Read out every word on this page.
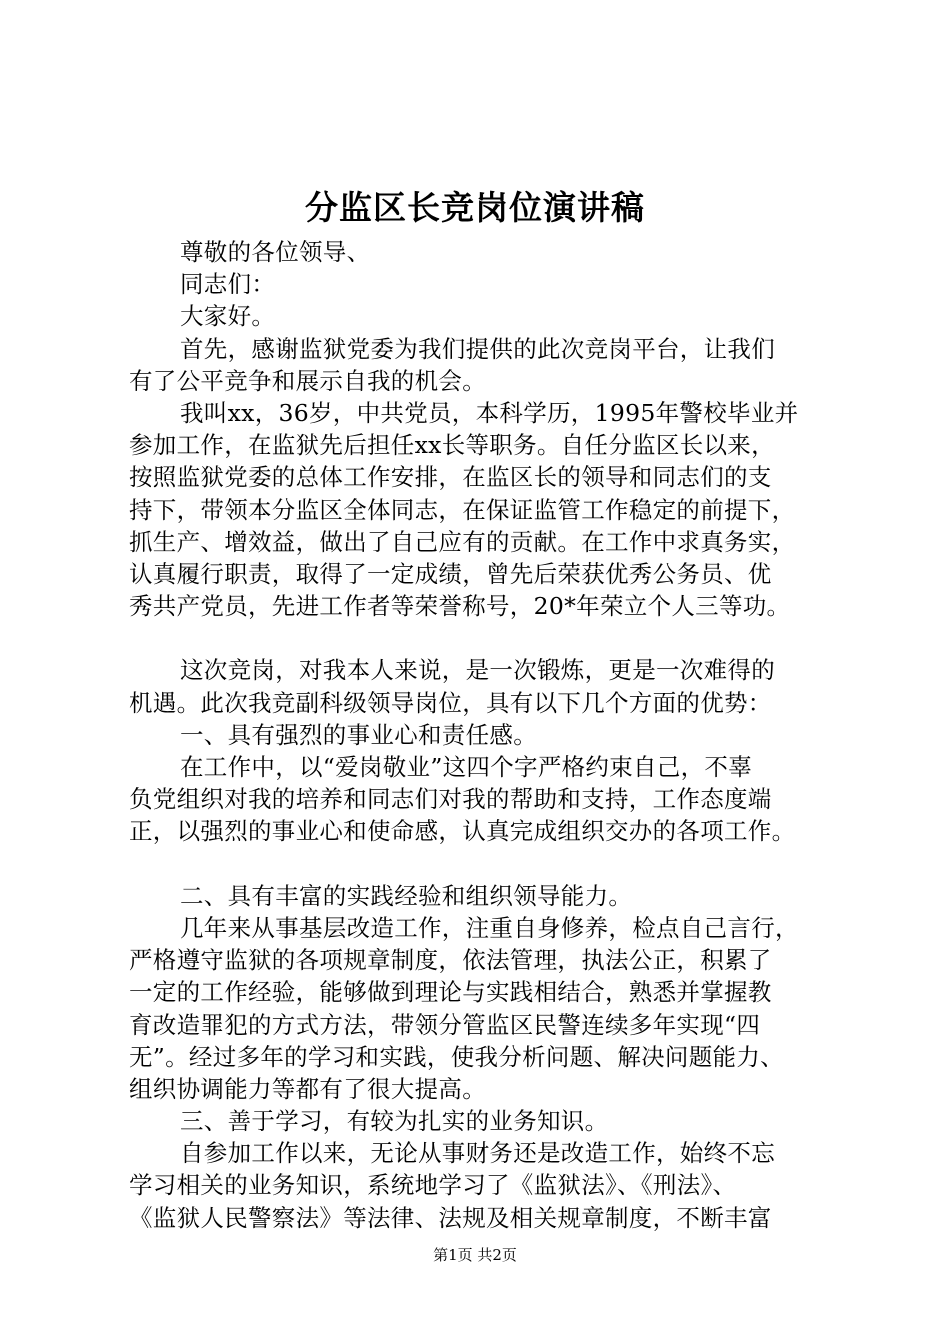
分监区长竞岗位演讲稿
尊敬的各位领导、
同志们：
大家好。
首先，感谢监狱党委为我们提供的此次竞岗平台，让我们
有了公平竞争和展示自我的机会。
我叫xx，36岁，中共党员，本科学历，1995年警校毕业并
参加工作，在监狱先后担任xx长等职务。自任分监区长以来，
按照监狱党委的总体工作安排，在监区长的领导和同志们的支
持下，带领本分监区全体同志，在保证监管工作稳定的前提下，
抓生产、增效益，做出了自己应有的贡献。在工作中求真务实，
认真履行职责，取得了一定成绩，曾先后荣获优秀公务员、优
秀共产党员，先进工作者等荣誉称号，20*年荣立个人三等功。
这次竞岗，对我本人来说，是一次锻炼，更是一次难得的
机遇。此次我竞副科级领导岗位，具有以下几个方面的优势：
一、具有强烈的事业心和责任感。
在工作中，以“爱岗敬业”这四个字严格约束自己，不辜
负党组织对我的培养和同志们对我的帮助和支持，工作态度端
正，以强烈的事业心和使命感，认真完成组织交办的各项工作。
二、具有丰富的实践经验和组织领导能力。
几年来从事基层改造工作，注重自身修养，检点自己言行，
严格遵守监狱的各项规章制度，依法管理，执法公正，积累了
一定的工作经验，能够做到理论与实践相结合，熟悉并掌握教
育改造罪犯的方式方法，带领分管监区民警连续多年实现“四
无”。经过多年的学习和实践，使我分析问题、解决问题能力、
组织协调能力等都有了很大提高。
三、善于学习，有较为扎实的业务知识。
自参加工作以来，无论从事财务还是改造工作，始终不忘
学习相关的业务知识，系统地学习了《监狱法》、《刑法》、
《监狱人民警察法》等法律、法规及相关规章制度，不断丰富
第1页 共2页
